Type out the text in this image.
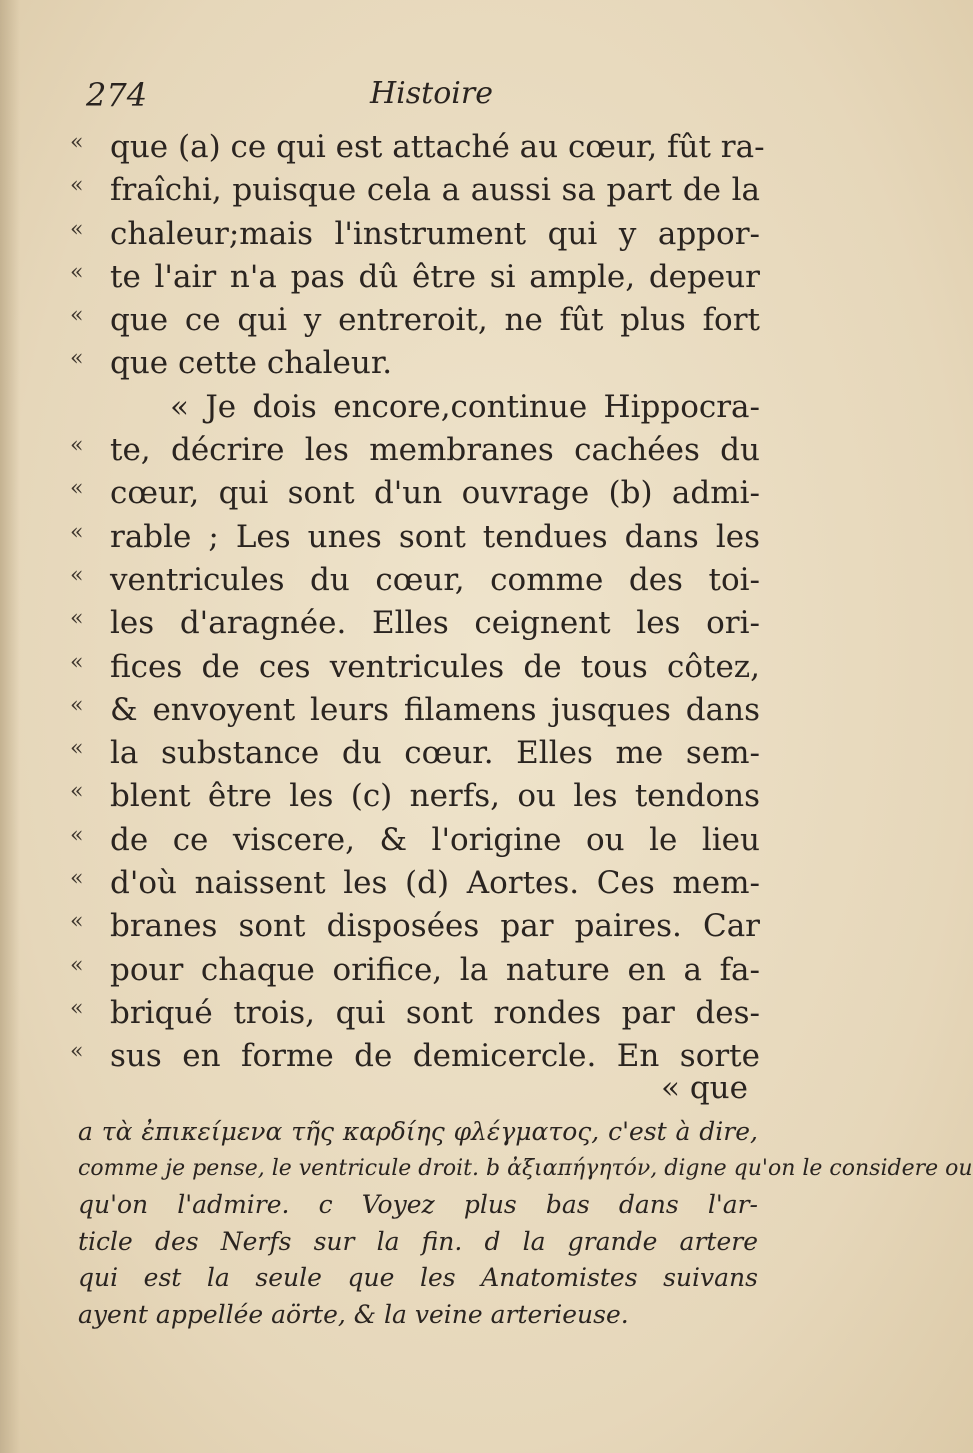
274	Histoire
« que (a) ce qui est attaché au cœur, fût ra-
« fraîchi, puisque cela a aussi sa part de la
« chaleur;mais l'instrument qui y appor-
« te l'air n'a pas dû être si ample, depeur
« que ce qui y entreroit, ne fût plus fort
« que cette chaleur.
« Je dois encore,continue Hippocra-
« te, décrire les membranes cachées du
« cœur, qui sont d'un ouvrage (b) admi-
« rable ; Les unes sont tendues dans les
« ventricules du cœur, comme des toi-
« les d'aragnée. Elles ceignent les ori-
« fices de ces ventricules de tous côtez,
« & envoyent leurs filamens jusques dans
« la substance du cœur. Elles me sem-
« blent être les (c) nerfs, ou les tendons
« de ce viscere, & l'origine ou le lieu
« d'où naissent les (d) Aortes. Ces mem-
« branes sont disposées par paires. Car
« pour chaque orifice, la nature en a fa-
« briqué trois, qui sont rondes par des-
« sus en forme de demicercle. En sorte
« que
a τὰ ἐπικείμενα τῆς καρδίης φλέγματος, c'est à dire,
comme je pense, le ventricule droit. b ἀξιαπήγητόν, digne qu'on le considere ou
qu'on l'admire. c Voyez plus bas dans l'ar-
ticle des Nerfs sur la fin. d la grande artere
qui est la seule que les Anatomistes suivans
ayent appellée aörte, & la veine arterieuse.
